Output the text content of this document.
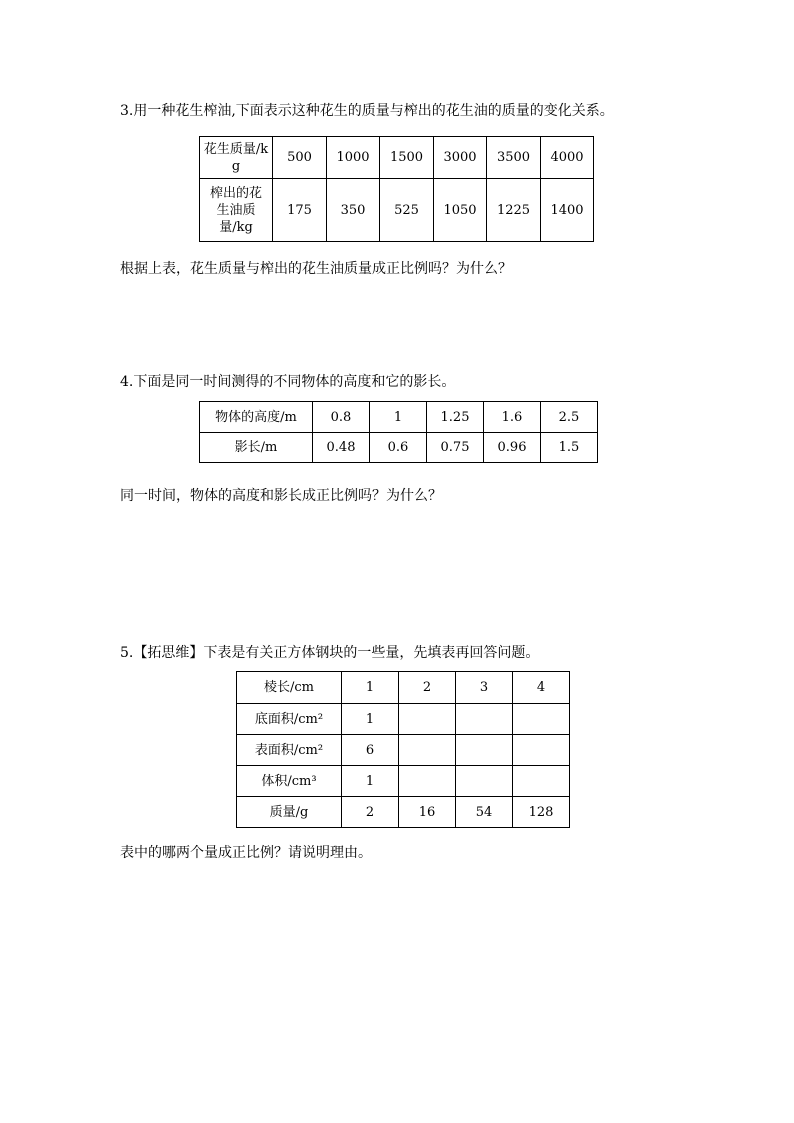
3.用一种花生榨油,下面表示这种花生的质量与榨出的花生油的质量的变化关系。
花生质量/kg	500	1000	1500	3000	3500	4000
榨出的花生油质量/kg	175	350	525	1050	1225	1400
根据上表，花生质量与榨出的花生油质量成正比例吗？为什么？
4.下面是同一时间测得的不同物体的高度和它的影长。
物体的高度/m	0.8	1	1.25	1.6	2.5
影长/m	0.48	0.6	0.75	0.96	1.5
同一时间，物体的高度和影长成正比例吗？为什么？
5.【拓思维】下表是有关正方体钢块的一些量，先填表再回答问题。
棱长/cm	1	2	3	4
底面积/cm²	1			
表面积/cm²	6			
体积/cm³	1			
质量/g	2	16	54	128
表中的哪两个量成正比例？请说明理由。
